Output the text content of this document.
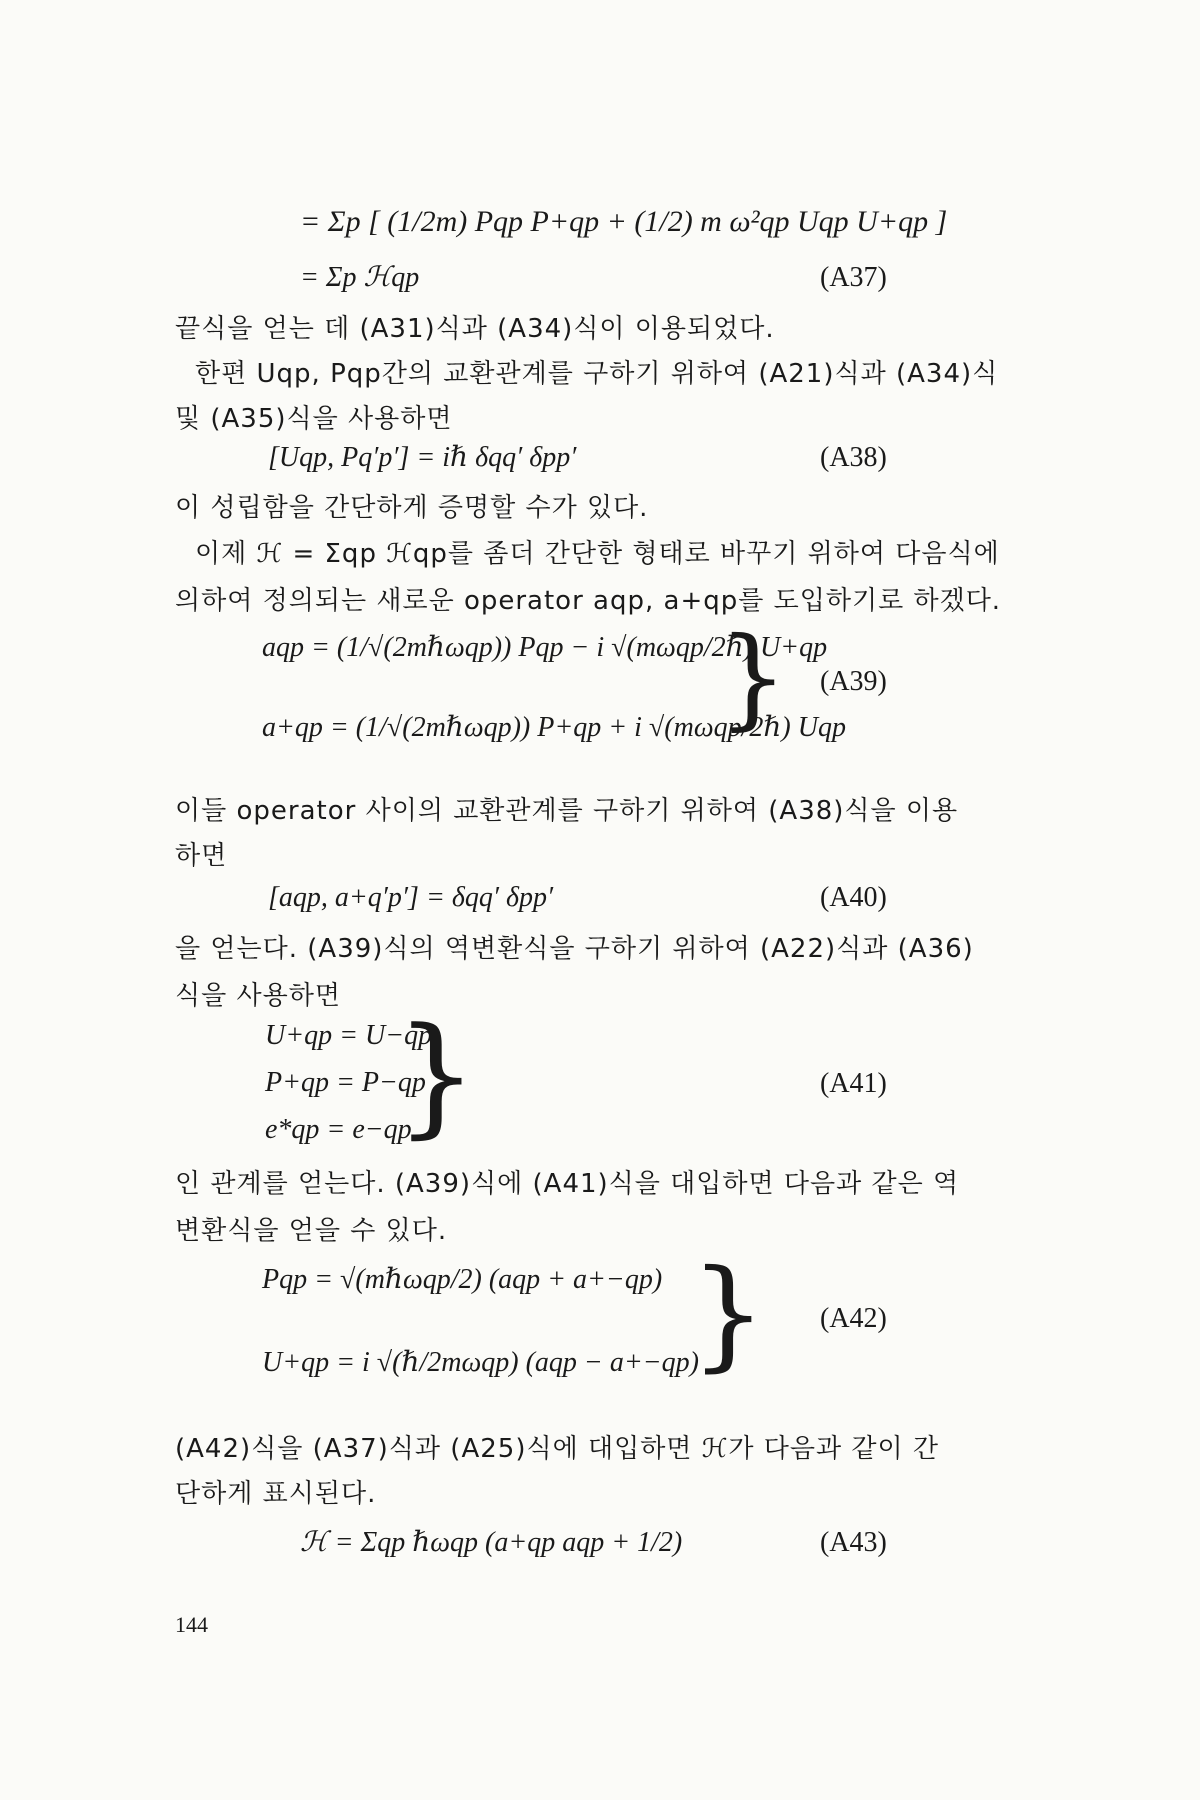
= Σp [ (1/2m) Pqp P+qp + (1/2) m ω²qp Uqp U+qp ]
= Σp ℋqp	(A37)
끝식을 얻는 데 (A31)식과 (A34)식이 이용되었다.
한편 Uqp, Pqp간의 교환관계를 구하기 위하여 (A21)식과 (A34)식
및 (A35)식을 사용하면
[Uqp, Pq′p′] = iℏ δqq′ δpp′	(A38)
이 성립함을 간단하게 증명할 수가 있다.
이제 ℋ = Σqp ℋqp를 좀더 간단한 형태로 바꾸기 위하여 다음식에
의하여 정의되는 새로운 operator aqp, a+qp를 도입하기로 하겠다.
aqp = (1/√(2mℏωqp)) Pqp − i √(mωqp/2ℏ) U+qp
a+qp = (1/√(2mℏωqp)) P+qp + i √(mωqp/2ℏ) Uqp
} (A39)
이들 operator 사이의 교환관계를 구하기 위하여 (A38)식을 이용
하면
[aqp, a+q′p′] = δqq′ δpp′	(A40)
을 얻는다. (A39)식의 역변환식을 구하기 위하여 (A22)식과 (A36)
식을 사용하면
U+qp = U−qp
P+qp = P−qp
e*qp = e−qp
}	(A41)
인 관계를 얻는다. (A39)식에 (A41)식을 대입하면 다음과 같은 역
변환식을 얻을 수 있다.
Pqp = √(mℏωqp/2) (aqp + a+−qp)
U+qp = i √(ℏ/2mωqp) (aqp − a+−qp)
} (A42)
(A42)식을 (A37)식과 (A25)식에 대입하면 ℋ가 다음과 같이 간
단하게 표시된다.
ℋ = Σqp ℏωqp (a+qp aqp + 1/2)	(A43)
144
